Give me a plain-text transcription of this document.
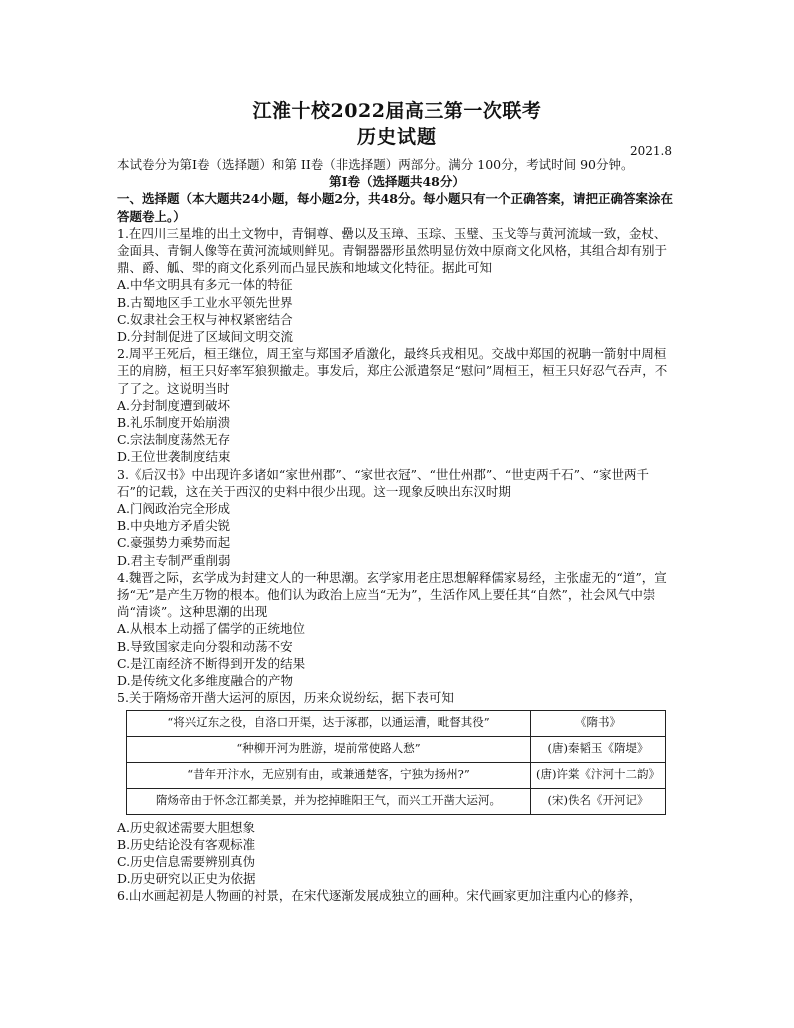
江淮十校2022届高三第一次联考
历史试题
2021.8

本试卷分为第Ⅰ卷（选择题）和第 II卷（非选择题）两部分。满分 100分，考试时间 90分钟。

第Ⅰ卷（选择题共48分）

一、选择题（本大题共24小题，每小题2分，共48分。每小题只有一个正确答案，请把正确答案涂在答题卷上。）

1.在四川三星堆的出土文物中，青铜尊、罍以及玉璋、玉琮、玉璧、玉戈等与黄河流域一致，金杖、金面具、青铜人像等在黄河流域则鲜见。青铜器器形虽然明显仿效中原商文化风格，其组合却有别于鼎、爵、觚、斝的商文化系列而凸显民族和地域文化特征。据此可知

A.中华文明具有多元一体的特征

B.古蜀地区手工业水平领先世界

C.奴隶社会王权与神权紧密结合

D.分封制促进了区域间文明交流

2.周平王死后，桓王继位，周王室与郑国矛盾激化，最终兵戎相见。交战中郑国的祝聃一箭射中周桓王的肩膀，桓王只好率军狼狈撤走。事发后，郑庄公派遣祭足“慰问”周桓王，桓王只好忍气吞声，不了了之。这说明当时

A.分封制度遭到破坏

B.礼乐制度开始崩溃

C.宗法制度荡然无存

D.王位世袭制度结束

3.《后汉书》中出现许多诸如“家世州郡”、“家世衣冠”、“世仕州郡”、“世吏两千石”、“家世两千石”的记载，这在关于西汉的史料中很少出现。这一现象反映出东汉时期

A.门阀政治完全形成

B.中央地方矛盾尖锐

C.豪强势力乘势而起

D.君主专制严重削弱

4.魏晋之际，玄学成为封建文人的一种思潮。玄学家用老庄思想解释儒家易经，主张虚无的“道”，宣扬“无”是产生万物的根本。他们认为政治上应当“无为”，生活作风上要任其“自然”，社会风气中崇尚“清谈”。这种思潮的出现

A.从根本上动摇了儒学的正统地位

B.导致国家走向分裂和动荡不安

C.是江南经济不断得到开发的结果

D.是传统文化多维度融合的产物

5.关于隋炀帝开凿大运河的原因，历来众说纷纭，据下表可知

“将兴辽东之役，自洛口开渠，达于涿郡，以通运漕，毗督其役”	《隋书》
“种柳开河为胜游，堤前常使路人愁”	(唐)秦韬玉《隋堤》
“昔年开汴水，无应别有由，或兼通楚客，宁独为扬州?”	(唐)许棠《汴河十二韵》
隋炀帝由于怀念江都美景，并为挖掉睢阳王气，而兴工开凿大运河。	(宋)佚名《开河记》

A.历史叙述需要大胆想象

B.历史结论没有客观标准

C.历史信息需要辨别真伪

D.历史研究以正史为依据

6.山水画起初是人物画的衬景，在宋代逐渐发展成独立的画种。宋代画家更加注重内心的修养，
